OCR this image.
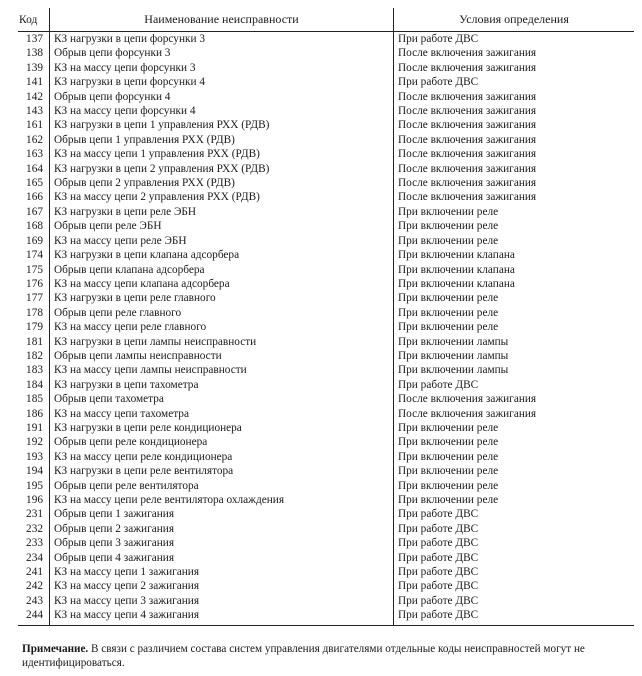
Код	Наименование неисправности	Условия определения
137	КЗ нагрузки в цепи форсунки 3	При работе ДВС
138	Обрыв цепи форсунки 3	После включения зажигания
139	КЗ на массу цепи форсунки 3	После включения зажигания
141	КЗ нагрузки в цепи форсунки 4	При работе ДВС
142	Обрыв цепи форсунки 4	После включения зажигания
143	КЗ на массу цепи форсунки 4	После включения зажигания
161	КЗ нагрузки в цепи 1 управления РХХ (РДВ)	После включения зажигания
162	Обрыв цепи 1 управления РХХ (РДВ)	После включения зажигания
163	КЗ на массу цепи 1 управления РХХ (РДВ)	После включения зажигания
164	КЗ нагрузки в цепи 2 управления РХХ (РДВ)	После включения зажигания
165	Обрыв цепи 2 управления РХХ (РДВ)	После включения зажигания
166	КЗ на массу цепи 2 управления РХХ (РДВ)	После включения зажигания
167	КЗ нагрузки в цепи реле ЭБН	При включении реле
168	Обрыв цепи реле ЭБН	При включении реле
169	КЗ на массу цепи реле ЭБН	При включении реле
174	КЗ нагрузки в цепи клапана адсорбера	При включении клапана
175	Обрыв цепи клапана адсорбера	При включении клапана
176	КЗ на массу цепи клапана адсорбера	При включении клапана
177	КЗ нагрузки в цепи реле главного	При включении реле
178	Обрыв цепи реле главного	При включении реле
179	КЗ на массу цепи реле главного	При включении реле
181	КЗ нагрузки в цепи лампы неисправности	При включении лампы
182	Обрыв цепи лампы неисправности	При включении лампы
183	КЗ на массу цепи лампы неисправности	При включении лампы
184	КЗ нагрузки в цепи тахометра	При работе ДВС
185	Обрыв цепи тахометра	После включения зажигания
186	КЗ на массу цепи тахометра	После включения зажигания
191	КЗ нагрузки в цепи реле кондиционера	При включении реле
192	Обрыв цепи реле кондиционера	При включении реле
193	КЗ на массу цепи реле кондиционера	При включении реле
194	КЗ нагрузки в цепи реле вентилятора	При включении реле
195	Обрыв цепи реле вентилятора	При включении реле
196	КЗ на массу цепи реле вентилятора охлаждения	При включении реле
231	Обрыв цепи 1 зажигания	При работе ДВС
232	Обрыв цепи 2 зажигания	При работе ДВС
233	Обрыв цепи 3 зажигания	При работе ДВС
234	Обрыв цепи 4 зажигания	При работе ДВС
241	КЗ на массу цепи 1 зажигания	При работе ДВС
242	КЗ на массу цепи 2 зажигания	При работе ДВС
243	КЗ на массу цепи 3 зажигания	При работе ДВС
244	КЗ на массу цепи 4 зажигания	При работе ДВС
Примечание. В связи с различием состава систем управления двигателями отдельные коды неисправностей могут не идентифицироваться.
